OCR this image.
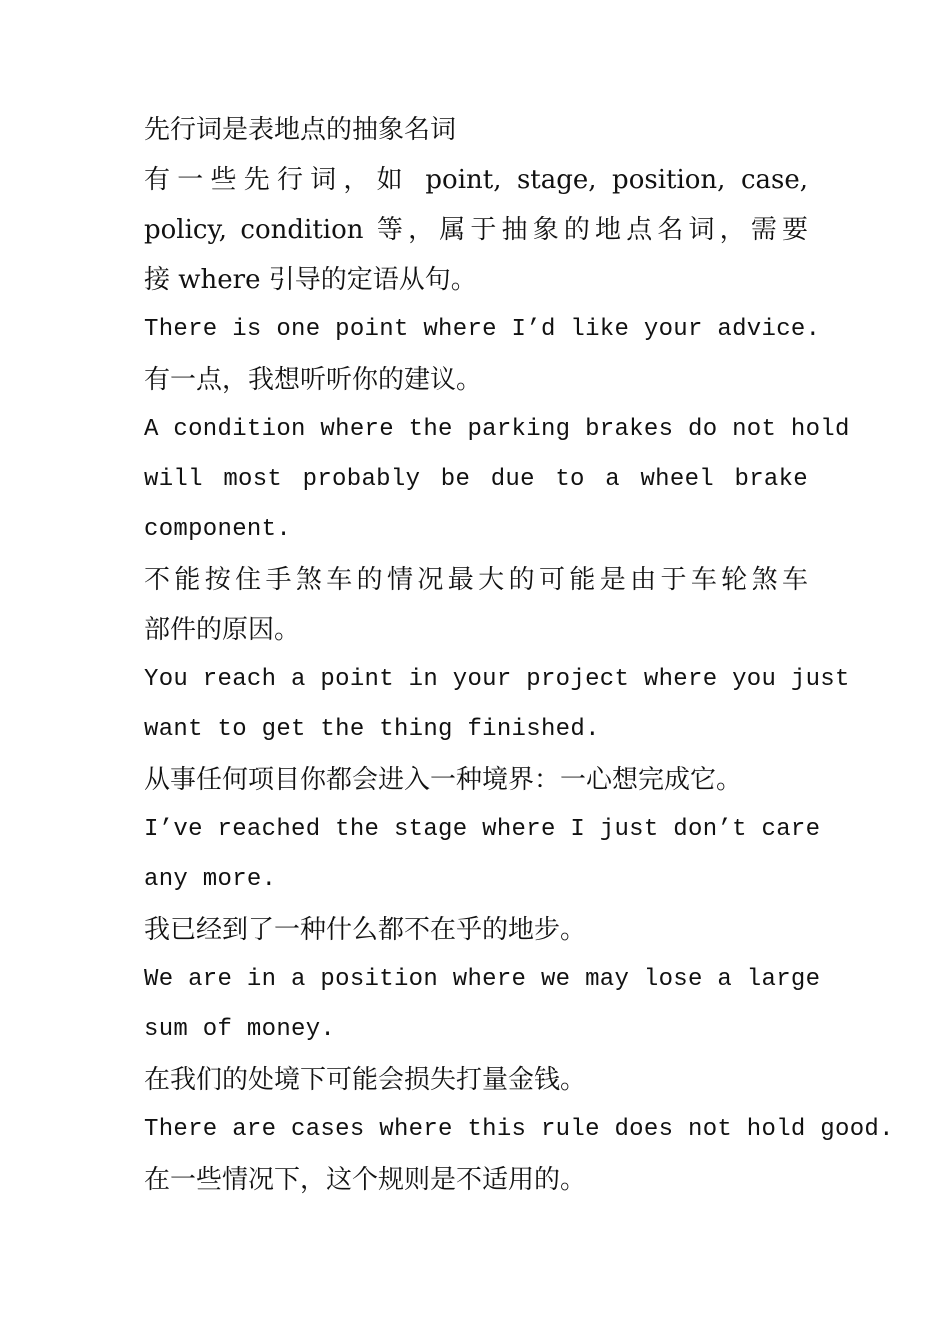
先行词是表地点的抽象名词
有一些先行词，如 point, stage, position, case,
policy, condition 等，属于抽象的地点名词，需要
接 where 引导的定语从句。
There is one point where I’d like your advice.
有一点，我想听听你的建议。
A condition where the parking brakes do not hold
will most probably be due to a wheel brake
component.
不能按住手煞车的情况最大的可能是由于车轮煞车
部件的原因。
You reach a point in your project where you just
want to get the thing finished.
从事任何项目你都会进入一种境界：一心想完成它。
I’ve reached the stage where I just don’t care
any more.
我已经到了一种什么都不在乎的地步。
We are in a position where we may lose a large
sum of money.
在我们的处境下可能会损失打量金钱。
There are cases where this rule does not hold good.
在一些情况下，这个规则是不适用的。
